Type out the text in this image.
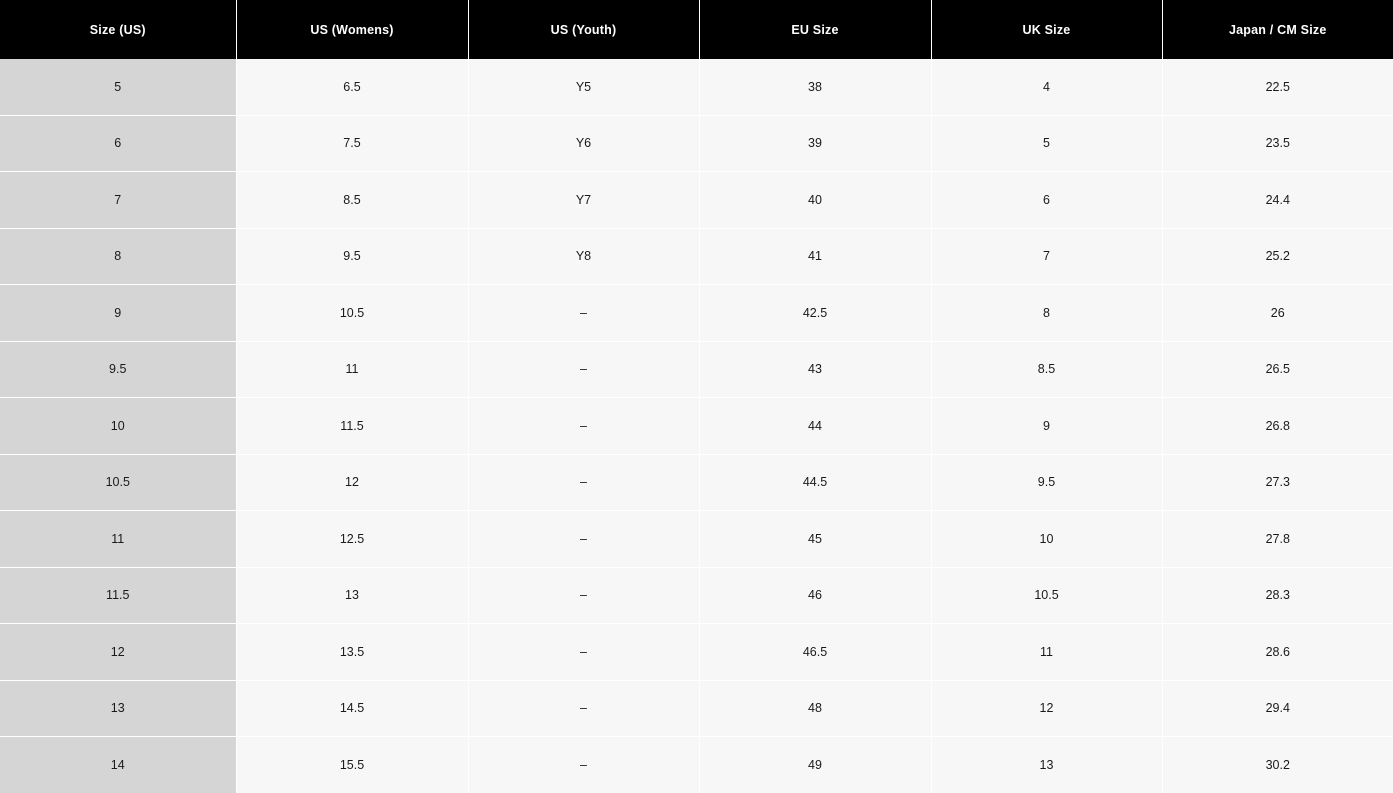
Size (US)	US (Womens)	US (Youth)	EU Size	UK Size	Japan / CM Size
5	6.5	Y5	38	4	22.5
6	7.5	Y6	39	5	23.5
7	8.5	Y7	40	6	24.4
8	9.5	Y8	41	7	25.2
9	10.5	–	42.5	8	26
9.5	11	–	43	8.5	26.5
10	11.5	–	44	9	26.8
10.5	12	–	44.5	9.5	27.3
11	12.5	–	45	10	27.8
11.5	13	–	46	10.5	28.3
12	13.5	–	46.5	11	28.6
13	14.5	–	48	12	29.4
14	15.5	–	49	13	30.2
